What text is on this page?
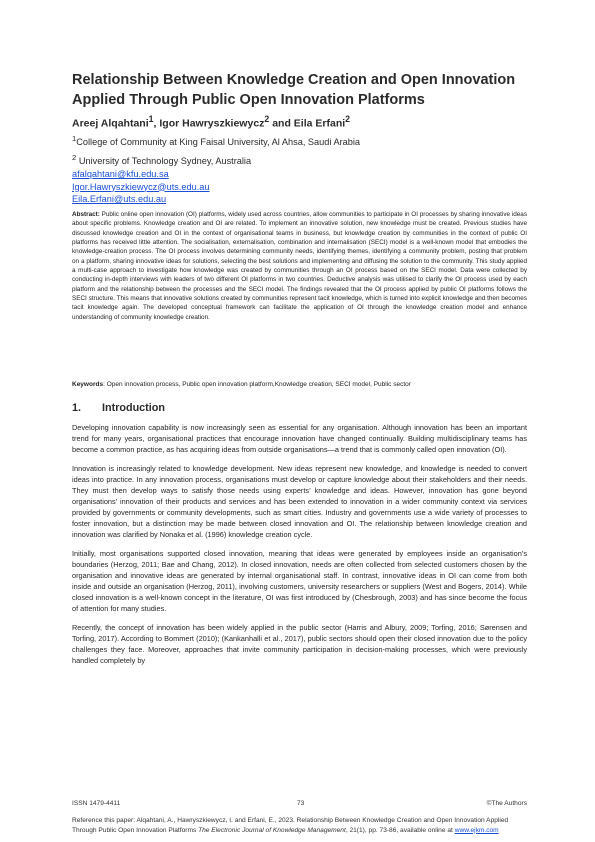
Relationship Between Knowledge Creation and Open Innovation Applied Through Public Open Innovation Platforms
Areej Alqahtani$^1$, Igor Hawryszkiewycz$^2$ and Eila Erfani$^2$
$^1$College of Community at King Faisal University, Al Ahsa, Saudi Arabia
$^2$ University of Technology Sydney, Australia
afalqahtani@kfu.edu.sa
Igor.Hawryszkiewycz@uts.edu.au
Eila.Erfani@uts.edu.au
Abstract: Public online open innovation (OI) platforms, widely used across countries, allow communities to participate in OI processes by sharing innovative ideas about specific problems. Knowledge creation and OI are related. To implement an innovative solution, new knowledge must be created. Previous studies have discussed knowledge creation and OI in the context of organisational teams in business, but knowledge creation by communities in the context of public OI platforms has received little attention. The socialisation, externalisation, combination and internalisation (SECI) model is a well-known model that embodies the knowledge-creation process. The OI process involves determining community needs, identifying themes, identifying a community problem, posting that problem on a platform, sharing innovative ideas for solutions, selecting the best solutions and implementing and diffusing the solution to the community. This study applied a multi-case approach to investigate how knowledge was created by communities through an OI process based on the SECI model. Data were collected by conducting in-depth interviews with leaders of two different OI platforms in two countries. Deductive analysis was utilised to clarify the OI process used by each platform and the relationship between the processes and the SECI model. The findings revealed that the OI process applied by public OI platforms follows the SECI structure. This means that innovative solutions created by communities represent tacit knowledge, which is turned into explicit knowledge and then becomes tacit knowledge again. The developed conceptual framework can facilitate the application of OI through the knowledge creation model and enhance understanding of community knowledge creation.
Keywords: Open innovation process, Public open innovation platform,Knowledge creation, SECI model, Public sector
1. Introduction

Developing innovation capability is now increasingly seen as essential for any organisation. Although innovation has been an important trend for many years, organisational practices that encourage innovation have changed continually. Building multidisciplinary teams has become a common practice, as has acquiring ideas from outside organisations—a trend that is commonly called open innovation (OI).

Innovation is increasingly related to knowledge development. New ideas represent new knowledge, and knowledge is needed to convert ideas into practice. In any innovation process, organisations must develop or capture knowledge about their stakeholders and their needs. They must then develop ways to satisfy those needs using experts’ knowledge and ideas. However, innovation has gone beyond organisations’ innovation of their products and services and has been extended to innovation in a wider community context via services provided by governments or community developments, such as smart cities. Industry and governments use a wide variety of processes to foster innovation, but a distinction may be made between closed innovation and OI. The relationship between knowledge creation and innovation was clarified by Nonaka et al. (1996) knowledge creation cycle.

Initially, most organisations supported closed innovation, meaning that ideas were generated by employees inside an organisation’s boundaries (Herzog, 2011; Bae and Chang, 2012). In closed innovation, needs are often collected from selected customers chosen by the organisation and innovative ideas are generated by internal organisational staff. In contrast, innovative ideas in OI can come from both inside and outside an organisation (Herzog, 2011), involving customers, university researchers or suppliers (West and Bogers, 2014). While closed innovation is a well-known concept in the literature, OI was first introduced by (Chesbrough, 2003) and has since become the focus of attention for many studies.

Recently, the concept of innovation has been widely applied in the public sector (Harris and Albury, 2009; Torfing, 2016; Sørensen and Torfing, 2017). According to Bommert (2010); (Kankanhalli et al., 2017), public sectors should open their closed innovation due to the policy challenges they face. Moreover, approaches that invite community participation in decision-making processes, which were previously handled completely by

ISSN 1479-4411	73	©The Authors
Reference this paper: Alqahtani, A., Hawryszkiewycz, I. and Erfani, E., 2023. Relationship Between Knowledge Creation and Open Innovation Applied Through Public Open Innovation Platforms The Electronic Journal of Knowledge Management, 21(1), pp. 73-86, available online at www.ejkm.com
